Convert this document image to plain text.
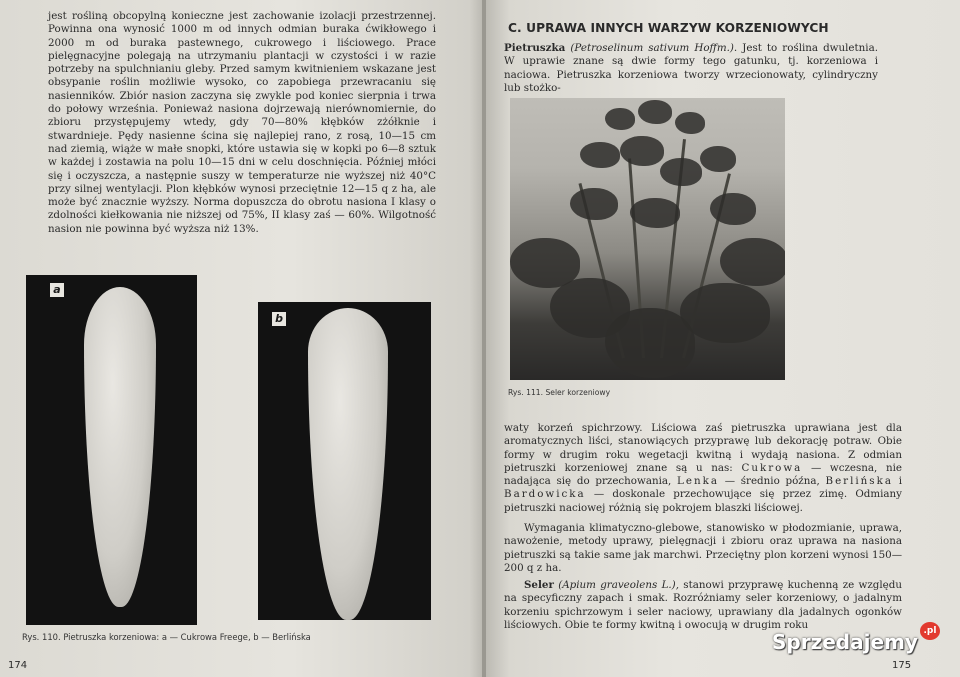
jest rośliną obcopylną konieczne jest zachowanie izolacji przestrzennej. Powinna ona wynosić 1000 m od innych odmian buraka ćwikłowego i 2000 m od buraka pastewnego, cukrowego i liściowego. Prace pielęgnacyjne polegają na utrzymaniu plantacji w czystości i w razie potrzeby na spulchnianiu gleby. Przed samym kwitnieniem wskazane jest obsypanie roślin możliwie wysoko, co zapobiega przewracaniu się nasienników. Zbiór nasion zaczyna się zwykle pod koniec sierpnia i trwa do połowy września. Ponieważ nasiona dojrzewają nierównomiernie, do zbioru przystępujemy wtedy, gdy 70—80% kłębków zżółknie i stwardnieje. Pędy nasienne ścina się najlepiej rano, z rosą, 10—15 cm nad ziemią, wiąże w małe snopki, które ustawia się w kopki po 6—8 sztuk w każdej i zostawia na polu 10—15 dni w celu doschnięcia. Później młóci się i oczyszcza, a następnie suszy w temperaturze nie wyższej niż 40°C przy silnej wentylacji. Plon kłębków wynosi przeciętnie 12—15 q z ha, ale może być znacznie wyższy. Norma dopuszcza do obrotu nasiona I klasy o zdolności kiełkowania nie niższej od 75%, II klasy zaś — 60%. Wilgotność nasion nie powinna być wyższa niż 13%.

a
b
Rys. 110. Pietruszka korzeniowa: a — Cukrowa Freege, b — Berlińska
174
C. UPRAWA INNYCH WARZYW KORZENIOWYCH

Pietruszka (Petroselinum sativum Hoffm.). Jest to roślina dwuletnia. W uprawie znane są dwie formy tego gatunku, tj. korzeniowa i naciowa. Pietruszka korzeniowa tworzy wrzecionowaty, cylindryczny lub stożko-

Rys. 111. Seler korzeniowy

waty korzeń spichrzowy. Liściowa zaś pietruszka uprawiana jest dla aromatycznych liści, stanowiących przyprawę lub dekorację potraw. Obie formy w drugim roku wegetacji kwitną i wydają nasiona. Z odmian pietruszki korzeniowej znane są u nas: Cukrowa — wczesna, nie nadająca się do przechowania, Lenka — średnio późna, Berlińska i Bardowicka — doskonale przechowujące się przez zimę. Odmiany pietruszki naciowej różnią się pokrojem blaszki liściowej.

Wymagania klimatyczno-glebowe, stanowisko w płodozmianie, uprawa, nawożenie, metody uprawy, pielęgnacji i zbioru oraz uprawa na nasiona pietruszki są takie same jak marchwi. Przeciętny plon korzeni wynosi 150—200 q z ha.

Seler (Apium graveolens L.), stanowi przyprawę kuchenną ze względu na specyficzny zapach i smak. Rozróżniamy seler korzeniowy, o jadalnym korzeniu spichrzowym i seler naciowy, uprawiany dla jadalnych ogonków liściowych. Obie te formy kwitną i owocują w drugim roku

175
Sprzedajemy .pl
